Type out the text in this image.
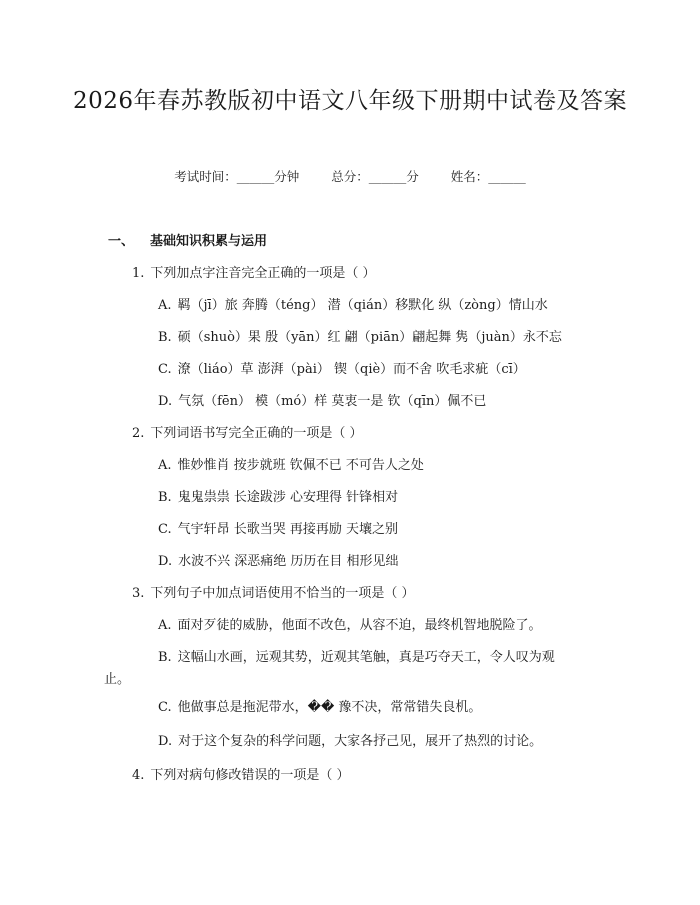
2026年春苏教版初中语文八年级下册期中试卷及答案
考试时间：______分钟	总分：______分	姓名：______
一、 基础知识积累与运用
1. 下列加点字注音完全正确的一项是（ ）
A. 羁（jī）旅 奔腾（téng） 潜（qián）移默化 纵（zòng）情山水
B. 硕（shuò）果 殷（yān）红 翩（piān）翩起舞 隽（juàn）永不忘
C. 潦（liáo）草 澎湃（pài） 锲（qiè）而不舍 吹毛求疵（cī）
D. 气氛（fēn） 模（mó）样 莫衷一是 钦（qīn）佩不已
2. 下列词语书写完全正确的一项是（ ）
A. 惟妙惟肖 按步就班 钦佩不已 不可告人之处
B. 鬼鬼祟祟 长途跋涉 心安理得 针锋相对
C. 气宇轩昂 长歌当哭 再接再励 天壤之别
D. 水波不兴 深恶痛绝 历历在目 相形见绌
3. 下列句子中加点词语使用不恰当的一项是（ ）
A. 面对歹徒的威胁，他面不改色，从容不迫，最终机智地脱险了。
B. 这幅山水画，远观其势，近观其笔触，真是巧夺天工，令人叹为观
止。
C. 他做事总是拖泥带水，�� 豫不决，常常错失良机。
D. 对于这个复杂的科学问题，大家各抒己见，展开了热烈的讨论。
4. 下列对病句修改错误的一项是（ ）
